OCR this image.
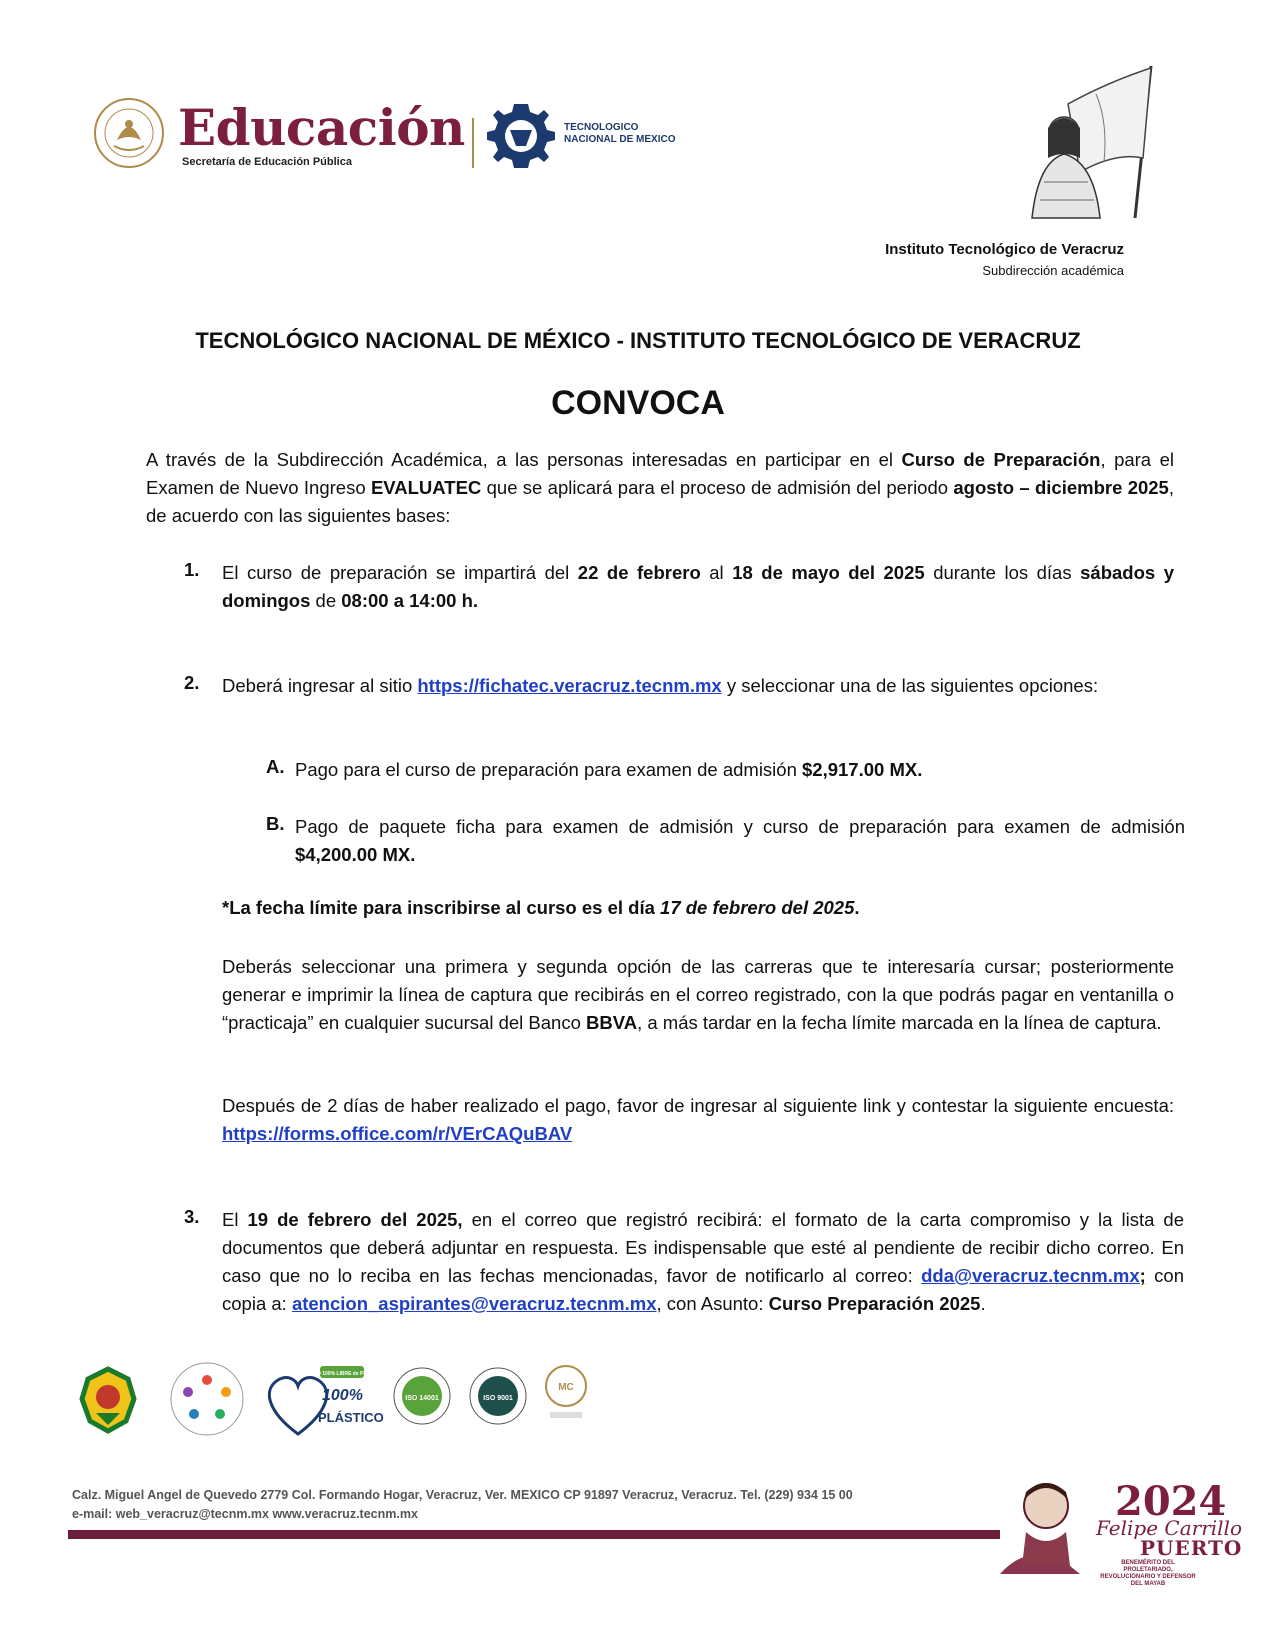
Educación
Secretaría de Educación Pública
TECNOLOGICO
NACIONAL DE MEXICO
Instituto Tecnológico de Veracruz
Subdirección académica
TECNOLÓGICO NACIONAL DE MÉXICO - INSTITUTO TECNOLÓGICO DE VERACRUZ
CONVOCA
A través de la Subdirección Académica, a las personas interesadas en participar en el Curso de Preparación, para el Examen de Nuevo Ingreso EVALUATEC que se aplicará para el proceso de admisión del periodo agosto – diciembre 2025, de acuerdo con las siguientes bases:
1. El curso de preparación se impartirá del 22 de febrero al 18 de mayo del 2025 durante los días sábados y domingos de 08:00 a 14:00 h.
2. Deberá ingresar al sitio https://fichatec.veracruz.tecnm.mx y seleccionar una de las siguientes opciones:
A. Pago para el curso de preparación para examen de admisión $2,917.00 MX.
B. Pago de paquete ficha para examen de admisión y curso de preparación para examen de admisión $4,200.00 MX.
*La fecha límite para inscribirse al curso es el día 17 de febrero del 2025.
Deberás seleccionar una primera y segunda opción de las carreras que te interesaría cursar; posteriormente generar e imprimir la línea de captura que recibirás en el correo registrado, con la que podrás pagar en ventanilla o “practicaja” en cualquier sucursal del Banco BBVA, a más tardar en la fecha límite marcada en la línea de captura.
Después de 2 días de haber realizado el pago, favor de ingresar al siguiente link y contestar la siguiente encuesta: https://forms.office.com/r/VErCAQuBAV
3. El 19 de febrero del 2025, en el correo que registró recibirá: el formato de la carta compromiso y la lista de documentos que deberá adjuntar en respuesta. Es indispensable que esté al pendiente de recibir dicho correo. En caso que no lo reciba en las fechas mencionadas, favor de notificarlo al correo: dda@veracruz.tecnm.mx; con copia a: atencion_aspirantes@veracruz.tecnm.mx, con Asunto: Curso Preparación 2025.
ESPACIO 100% LIBRE de PLÁSTICO
100%
PLÁSTICO
ISO 14001	ISO 9001
MC
Calz. Miguel Angel de Quevedo 2779 Col. Formando Hogar, Veracruz, Ver. MEXICO CP 91897 Veracruz, Veracruz. Tel. (229) 934 15 00
e-mail: web_veracruz@tecnm.mx www.veracruz.tecnm.mx	2024
Felipe Carrillo
PUERTO
BENEMÉRITO DEL PROLETARIADO, REVOLUCIONARIO Y DEFENSOR DEL MAYAB
